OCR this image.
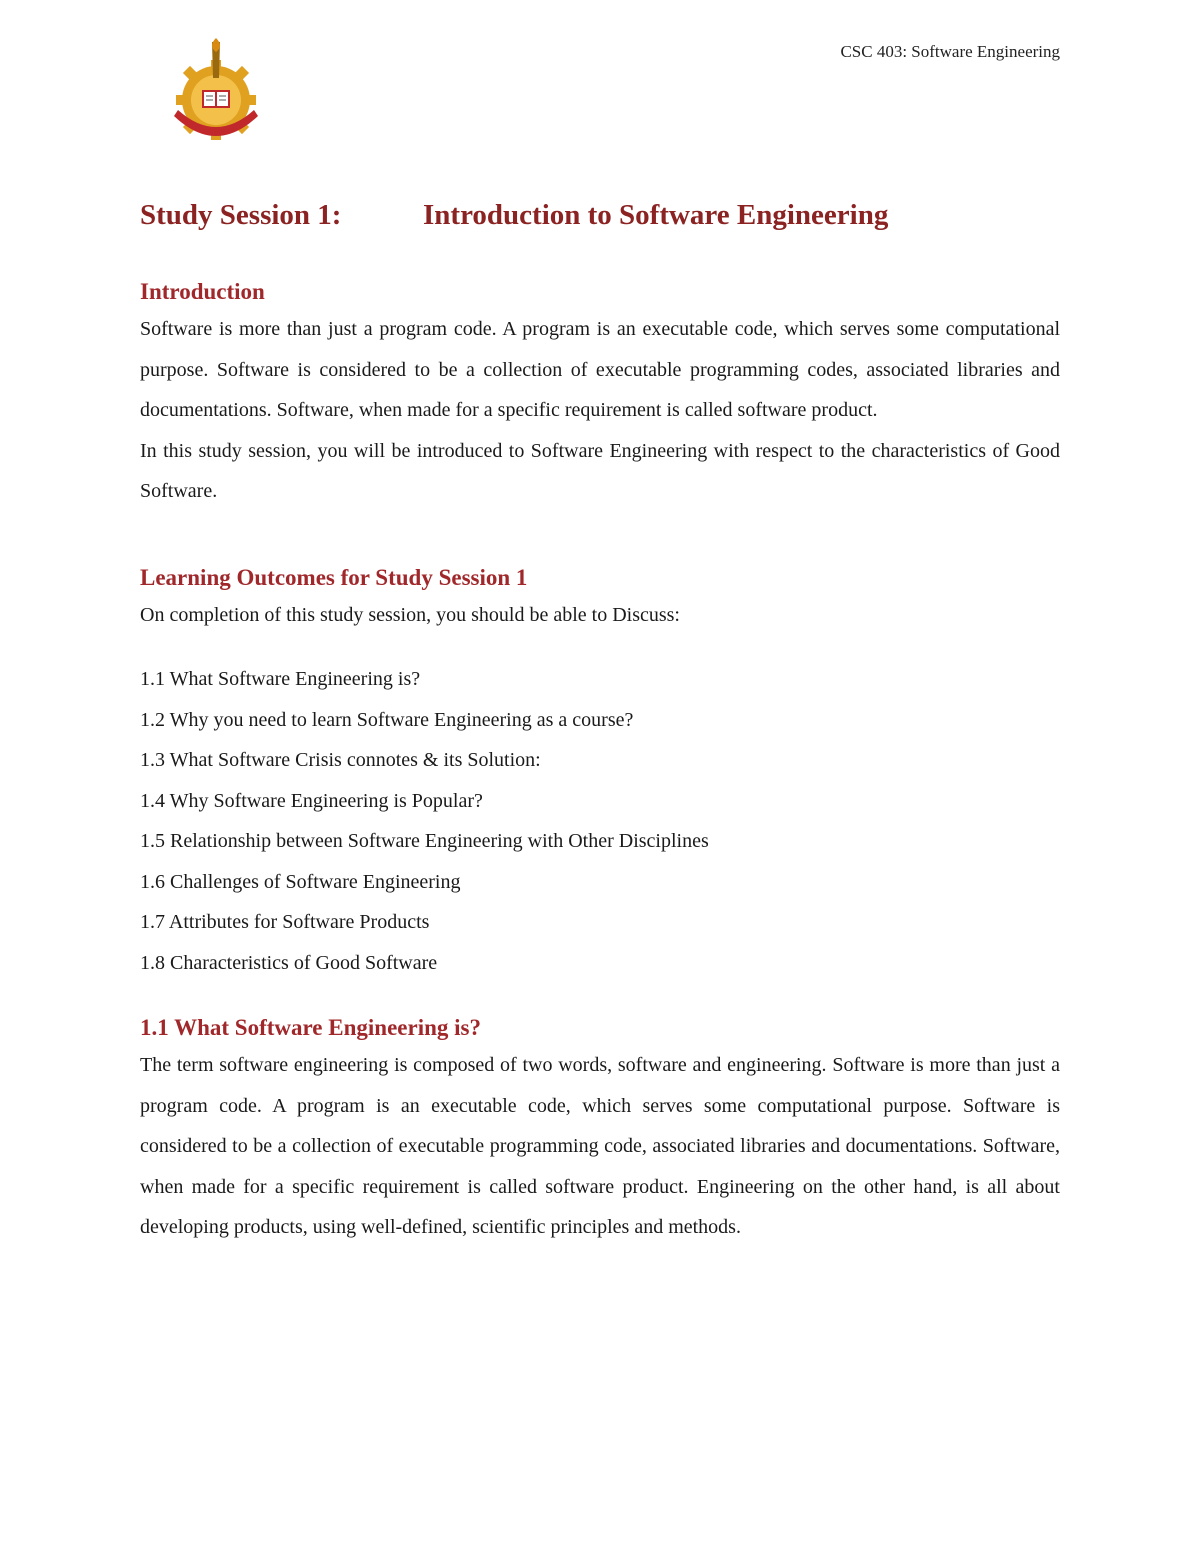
CSC 403: Software Engineering
Study Session 1:	Introduction to Software Engineering
Introduction

Software is more than just a program code. A program is an executable code, which serves some computational purpose. Software is considered to be a collection of executable programming codes, associated libraries and documentations. Software, when made for a specific requirement is called software product.

In this study session, you will be introduced to Software Engineering with respect to the characteristics of Good Software.

Learning Outcomes for Study Session 1

On completion of this study session, you should be able to Discuss:

1.1 What Software Engineering is?
1.2 Why you need to learn Software Engineering as a course?
1.3 What Software Crisis connotes & its Solution:
1.4 Why Software Engineering is Popular?
1.5 Relationship between Software Engineering with Other Disciplines
1.6 Challenges of Software Engineering
1.7 Attributes for Software Products
1.8 Characteristics of Good Software
1.1 What Software Engineering is?

The term software engineering is composed of two words, software and engineering. Software is more than just a program code. A program is an executable code, which serves some computational purpose. Software is considered to be a collection of executable programming code, associated libraries and documentations. Software, when made for a specific requirement is called software product. Engineering on the other hand, is all about developing products, using well-defined, scientific principles and methods.
